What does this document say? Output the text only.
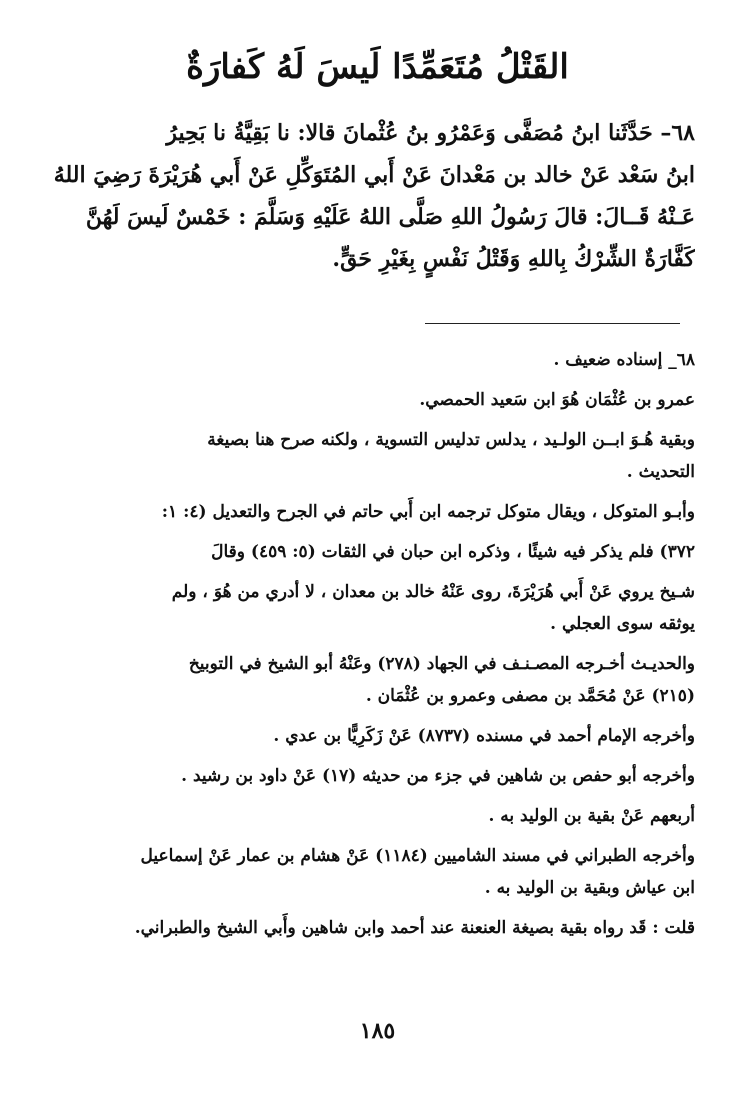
القَتْلُ مُتَعَمِّدًا لَيسَ لَهُ كَفارَةٌ
٦٨– حَدَّثَنا ابنُ مُصَفَّى وَعَمْرُو بنُ عُثْمانَ قالا: نا بَقِيَّةُ نا بَحِيرُ
ابنُ سَعْد عَنْ خالد بن مَعْدانَ عَنْ أَبي المُتَوَكِّلِ عَنْ أَبي هُرَيْرَةَ رَضِيَ اللهُ
عَـنْهُ قَــالَ: قالَ رَسُولُ اللهِ صَلَّى اللهُ عَلَيْهِ وَسَلَّمَ : خَمْسٌ لَيسَ لَهُنَّ
كَفَّارَةٌ الشِّرْكُ بِاللهِ وَقَتْلُ نَفْسٍ بِغَيْرِ حَقٍّ.
٦٨_ إسناده ضعيف .
عمرو بن عُثْمَان هُوَ ابن سَعيد الحمصي.
وبقية هُـوَ ابــن الولـيد ، يدلس تدليس التسوية ، ولكنه صرح هنا بصيغة
التحديث .
وأبـو المتوكل ، ويقال متوكل ترجمه ابن أَبي حاتم في الجرح والتعديل (٤: ١:
٣٧٢) فلم يذكر فيه شيئًا ، وذكره ابن حبان في الثقات (٥: ٤٥٩) وقالَ
شـيخ يروي عَنْ أَبي هُرَيْرَةَ، روى عَنْهُ خالد بن معدان ، لا أدري من هُوَ ، ولم
يوثقه سوى العجلي .
والحديـث أخـرجه المصـنـف في الجهاد (٢٧٨) وعَنْهُ أبو الشيخ في التوبيخ
(٢١٥) عَنْ مُحَمَّد بن مصفى وعمرو بن عُثْمَان .
وأخرجه الإمام أحمد في مسنده (٨٧٣٧) عَنْ زَكَرِيًّا بن عدي .
وأخرجه أبو حفص بن شاهين في جزء من حديثه (١٧) عَنْ داود بن رشيد .
أربعهم عَنْ بقية بن الوليد به .
وأخرجه الطبراني في مسند الشاميين (١١٨٤) عَنْ هشام بن عمار عَنْ إسماعيل
ابن عياش وبقية بن الوليد به .
قلت : قَد رواه بقية بصيغة العنعنة عند أحمد وابن شاهين وأَبي الشيخ والطبراني.
١٨٥
